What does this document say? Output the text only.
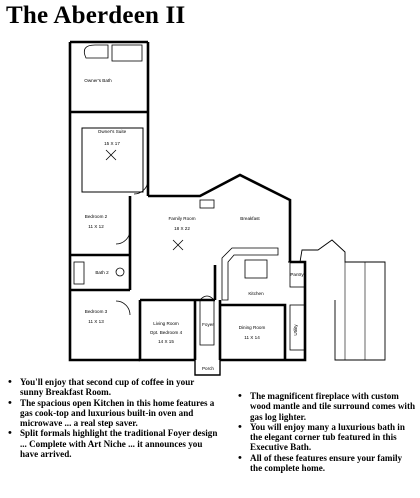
The Aberdeen II
Owner's Bath
Owner's Suite
15 X 17
Bedroom 2
11 X 12
Bath 2
Bedroom 3
11 X 13
Family Room
18 X 22
Breakfast
Kitchen
Living Room
Opt. Bedroom 4
14 X 15
Foyer
Dining Room
11 X 14
Porch
Utility
Pantry
• You'll enjoy that second cup of coffee in your sunny Breakfast Room.
• The spacious open Kitchen in this home features a gas cook-top and luxurious built-in oven and microwave ... a real step saver.
• Split formals highlight the traditional Foyer design ... Complete with Art Niche ... it announces you have arrived.
• The magnificent fireplace with custom wood mantle and tile surround comes with gas log lighter.
• You will enjoy many a luxurious bath in the elegant corner tub featured in this Executive Bath.
• All of these features ensure your family the complete home.
